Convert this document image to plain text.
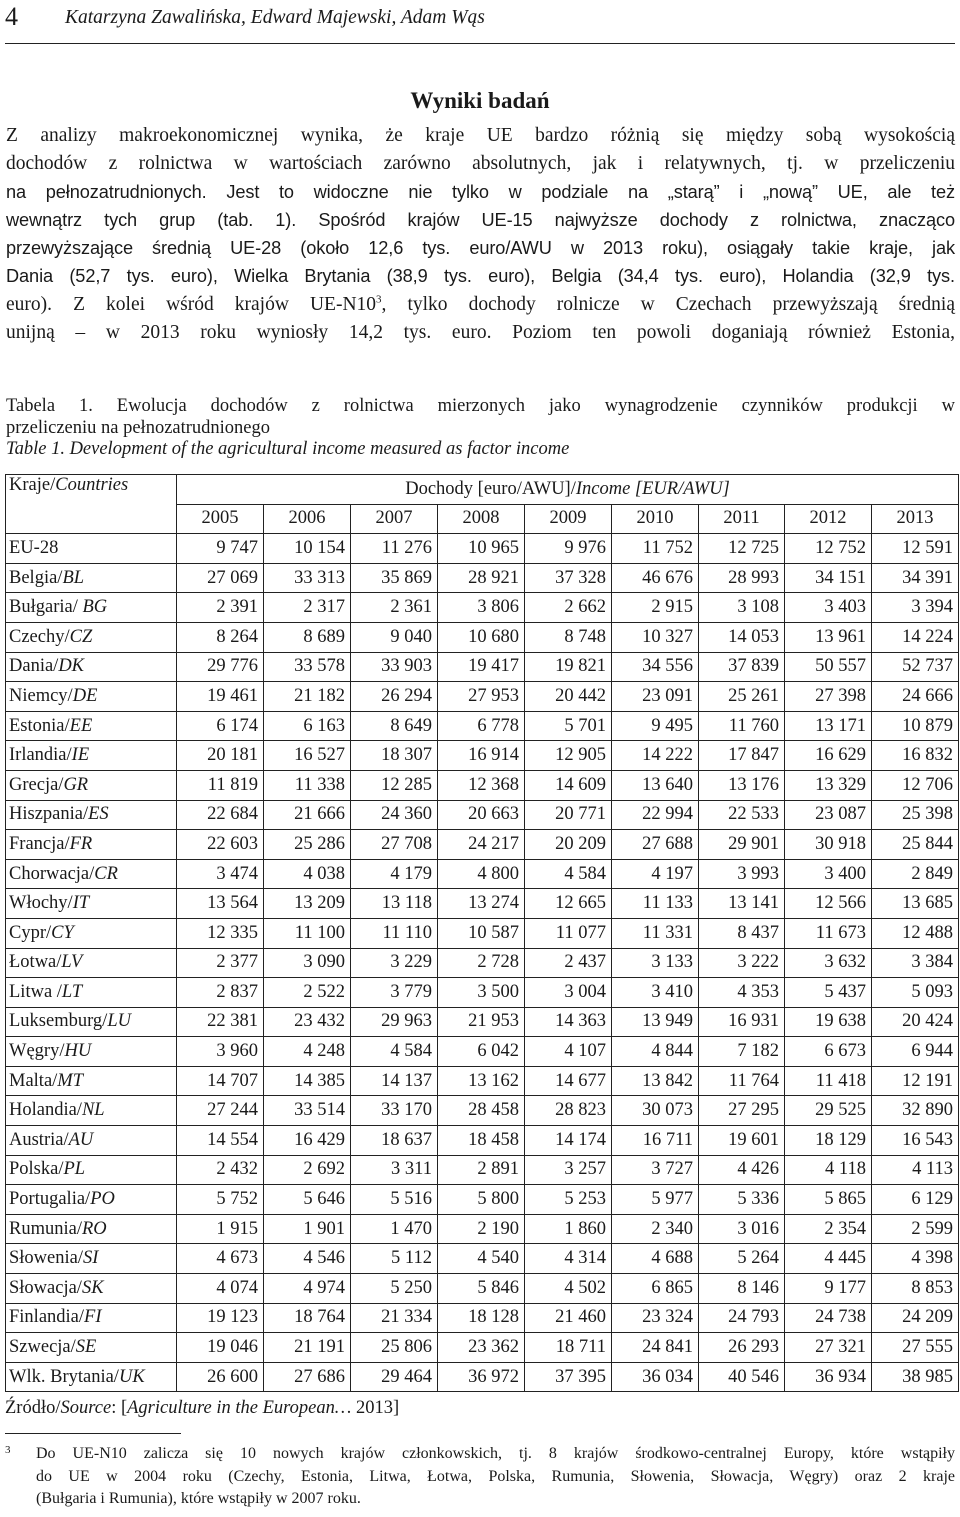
4 Katarzyna Zawalińska, Edward Majewski, Adam Wąs
Wyniki badań
Z analizy makroekonomicznej wynika, że kraje UE bardzo różnią się między sobą wysokością
dochodów z rolnictwa w wartościach zarówno absolutnych, jak i relatywnych, tj. w przeliczeniu
na pełnozatrudnionych. Jest to widoczne nie tylko w podziale na „starą” i „nową” UE, ale też
wewnątrz tych grup (tab. 1). Spośród krajów UE-15 najwyższe dochody z rolnictwa, znacząco
przewyższające średnią UE-28 (około 12,6 tys. euro/AWU w 2013 roku), osiągały takie kraje, jak
Dania (52,7 tys. euro), Wielka Brytania (38,9 tys. euro), Belgia (34,4 tys. euro), Holandia (32,9 tys.
euro). Z kolei wśród krajów $UE-N10^3$, tylko dochody rolnicze w Czechach przewyższają średnią
unijną – w 2013 roku wyniosły 14,2 tys. euro. Poziom ten powoli doganiają również Estonia,
Tabela 1. Ewolucja dochodów z rolnictwa mierzonych jako wynagrodzenie czynników produkcji w
przeliczeniu na pełnozatrudnionego
Table 1. Development of the agricultural income measured as factor income
Kraje/Countries	Dochody [euro/AWU]/Income [EUR/AWU]								
	2005	2006	2007	2008	2009	2010	2011	2012	2013
EU-28	9 747	10 154	11 276	10 965	9 976	11 752	12 725	12 752	12 591
Belgia/BL	27 069	33 313	35 869	28 921	37 328	46 676	28 993	34 151	34 391
Bułgaria/ BG	2 391	2 317	2 361	3 806	2 662	2 915	3 108	3 403	3 394
Czechy/CZ	8 264	8 689	9 040	10 680	8 748	10 327	14 053	13 961	14 224
Dania/DK	29 776	33 578	33 903	19 417	19 821	34 556	37 839	50 557	52 737
Niemcy/DE	19 461	21 182	26 294	27 953	20 442	23 091	25 261	27 398	24 666
Estonia/EE	6 174	6 163	8 649	6 778	5 701	9 495	11 760	13 171	10 879
Irlandia/IE	20 181	16 527	18 307	16 914	12 905	14 222	17 847	16 629	16 832
Grecja/GR	11 819	11 338	12 285	12 368	14 609	13 640	13 176	13 329	12 706
Hiszpania/ES	22 684	21 666	24 360	20 663	20 771	22 994	22 533	23 087	25 398
Francja/FR	22 603	25 286	27 708	24 217	20 209	27 688	29 901	30 918	25 844
Chorwacja/CR	3 474	4 038	4 179	4 800	4 584	4 197	3 993	3 400	2 849
Włochy/IT	13 564	13 209	13 118	13 274	12 665	11 133	13 141	12 566	13 685
Cypr/CY	12 335	11 100	11 110	10 587	11 077	11 331	8 437	11 673	12 488
Łotwa/LV	2 377	3 090	3 229	2 728	2 437	3 133	3 222	3 632	3 384
Litwa /LT	2 837	2 522	3 779	3 500	3 004	3 410	4 353	5 437	5 093
Luksemburg/LU	22 381	23 432	29 963	21 953	14 363	13 949	16 931	19 638	20 424
Węgry/HU	3 960	4 248	4 584	6 042	4 107	4 844	7 182	6 673	6 944
Malta/MT	14 707	14 385	14 137	13 162	14 677	13 842	11 764	11 418	12 191
Holandia/NL	27 244	33 514	33 170	28 458	28 823	30 073	27 295	29 525	32 890
Austria/AU	14 554	16 429	18 637	18 458	14 174	16 711	19 601	18 129	16 543
Polska/PL	2 432	2 692	3 311	2 891	3 257	3 727	4 426	4 118	4 113
Portugalia/PO	5 752	5 646	5 516	5 800	5 253	5 977	5 336	5 865	6 129
Rumunia/RO	1 915	1 901	1 470	2 190	1 860	2 340	3 016	2 354	2 599
Słowenia/SI	4 673	4 546	5 112	4 540	4 314	4 688	5 264	4 445	4 398
Słowacja/SK	4 074	4 974	5 250	5 846	4 502	6 865	8 146	9 177	8 853
Finlandia/FI	19 123	18 764	21 334	18 128	21 460	23 324	24 793	24 738	24 209
Szwecja/SE	19 046	21 191	25 806	23 362	18 711	24 841	26 293	27 321	27 555
Wlk. Brytania/UK	26 600	27 686	29 464	36 972	37 395	36 034	40 546	36 934	38 985
Źródło/Source: [Agriculture in the European… 2013]
3 Do UE-N10 zalicza się 10 nowych krajów członkowskich, tj. 8 krajów środkowo-centralnej Europy, które wstąpiły
do UE w 2004 roku (Czechy, Estonia, Litwa, Łotwa, Polska, Rumunia, Słowenia, Słowacja, Węgry) oraz 2 kraje
(Bułgaria i Rumunia), które wstąpiły w 2007 roku.
